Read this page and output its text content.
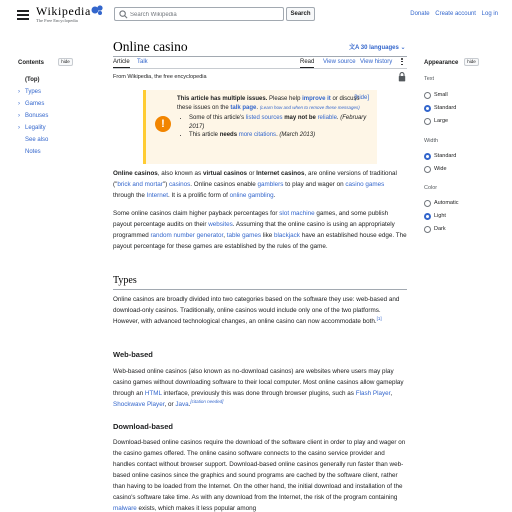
Wikipedia
The Free Encyclopedia
Search Wikipedia
Search	Donate Create account Log in
Contents	hide
(Top)
› Types
› Games
› Bonuses
› Legality
See also
Notes
Online casino	文A 30 languages ⌄
Article Talk	Read View source View history
From Wikipedia, the free encyclopedia
!
[hide]
This article has multiple issues. Please help improve it or discuss these issues on the talk page. (Learn how and when to remove these messages)
• Some of this article's listed sources may not be reliable. (February 2017)
• This article needs more citations. (March 2013)

Online casinos, also known as virtual casinos or Internet casinos, are online versions of traditional ("brick and mortar") casinos. Online casinos enable gamblers to play and wager on casino games through the Internet. It is a prolific form of online gambling.

Some online casinos claim higher payback percentages for slot machine games, and some publish payout percentage audits on their websites. Assuming that the online casino is using an appropriately programmed random number generator, table games like blackjack have an established house edge. The payout percentage for these games are established by the rules of the game.

Types

Online casinos are broadly divided into two categories based on the software they use: web-based and download-only casinos. Traditionally, online casinos would include only one of the two platforms. However, with advanced technological changes, an online casino can now accommodate both.[1]

Web-based

Web-based online casinos (also known as no-download casinos) are websites where users may play casino games without downloading software to their local computer. Most online casinos allow gameplay through an HTML interface, previously this was done through browser plugins, such as Flash Player, Shockwave Player, or Java.[citation needed]

Download-based

Download-based online casinos require the download of the software client in order to play and wager on the casino games offered. The online casino software connects to the casino service provider and handles contact without browser support. Download-based online casinos generally run faster than web-based online casinos since the graphics and sound programs are cached by the software client, rather than having to be loaded from the Internet. On the other hand, the initial download and installation of the casino's software take time. As with any download from the Internet, the risk of the program containing malware exists, which makes it less popular among

Appearance	hide
Text
Small
Standard
Large
Width
Standard
Wide
Color
Automatic
Light
Dark
